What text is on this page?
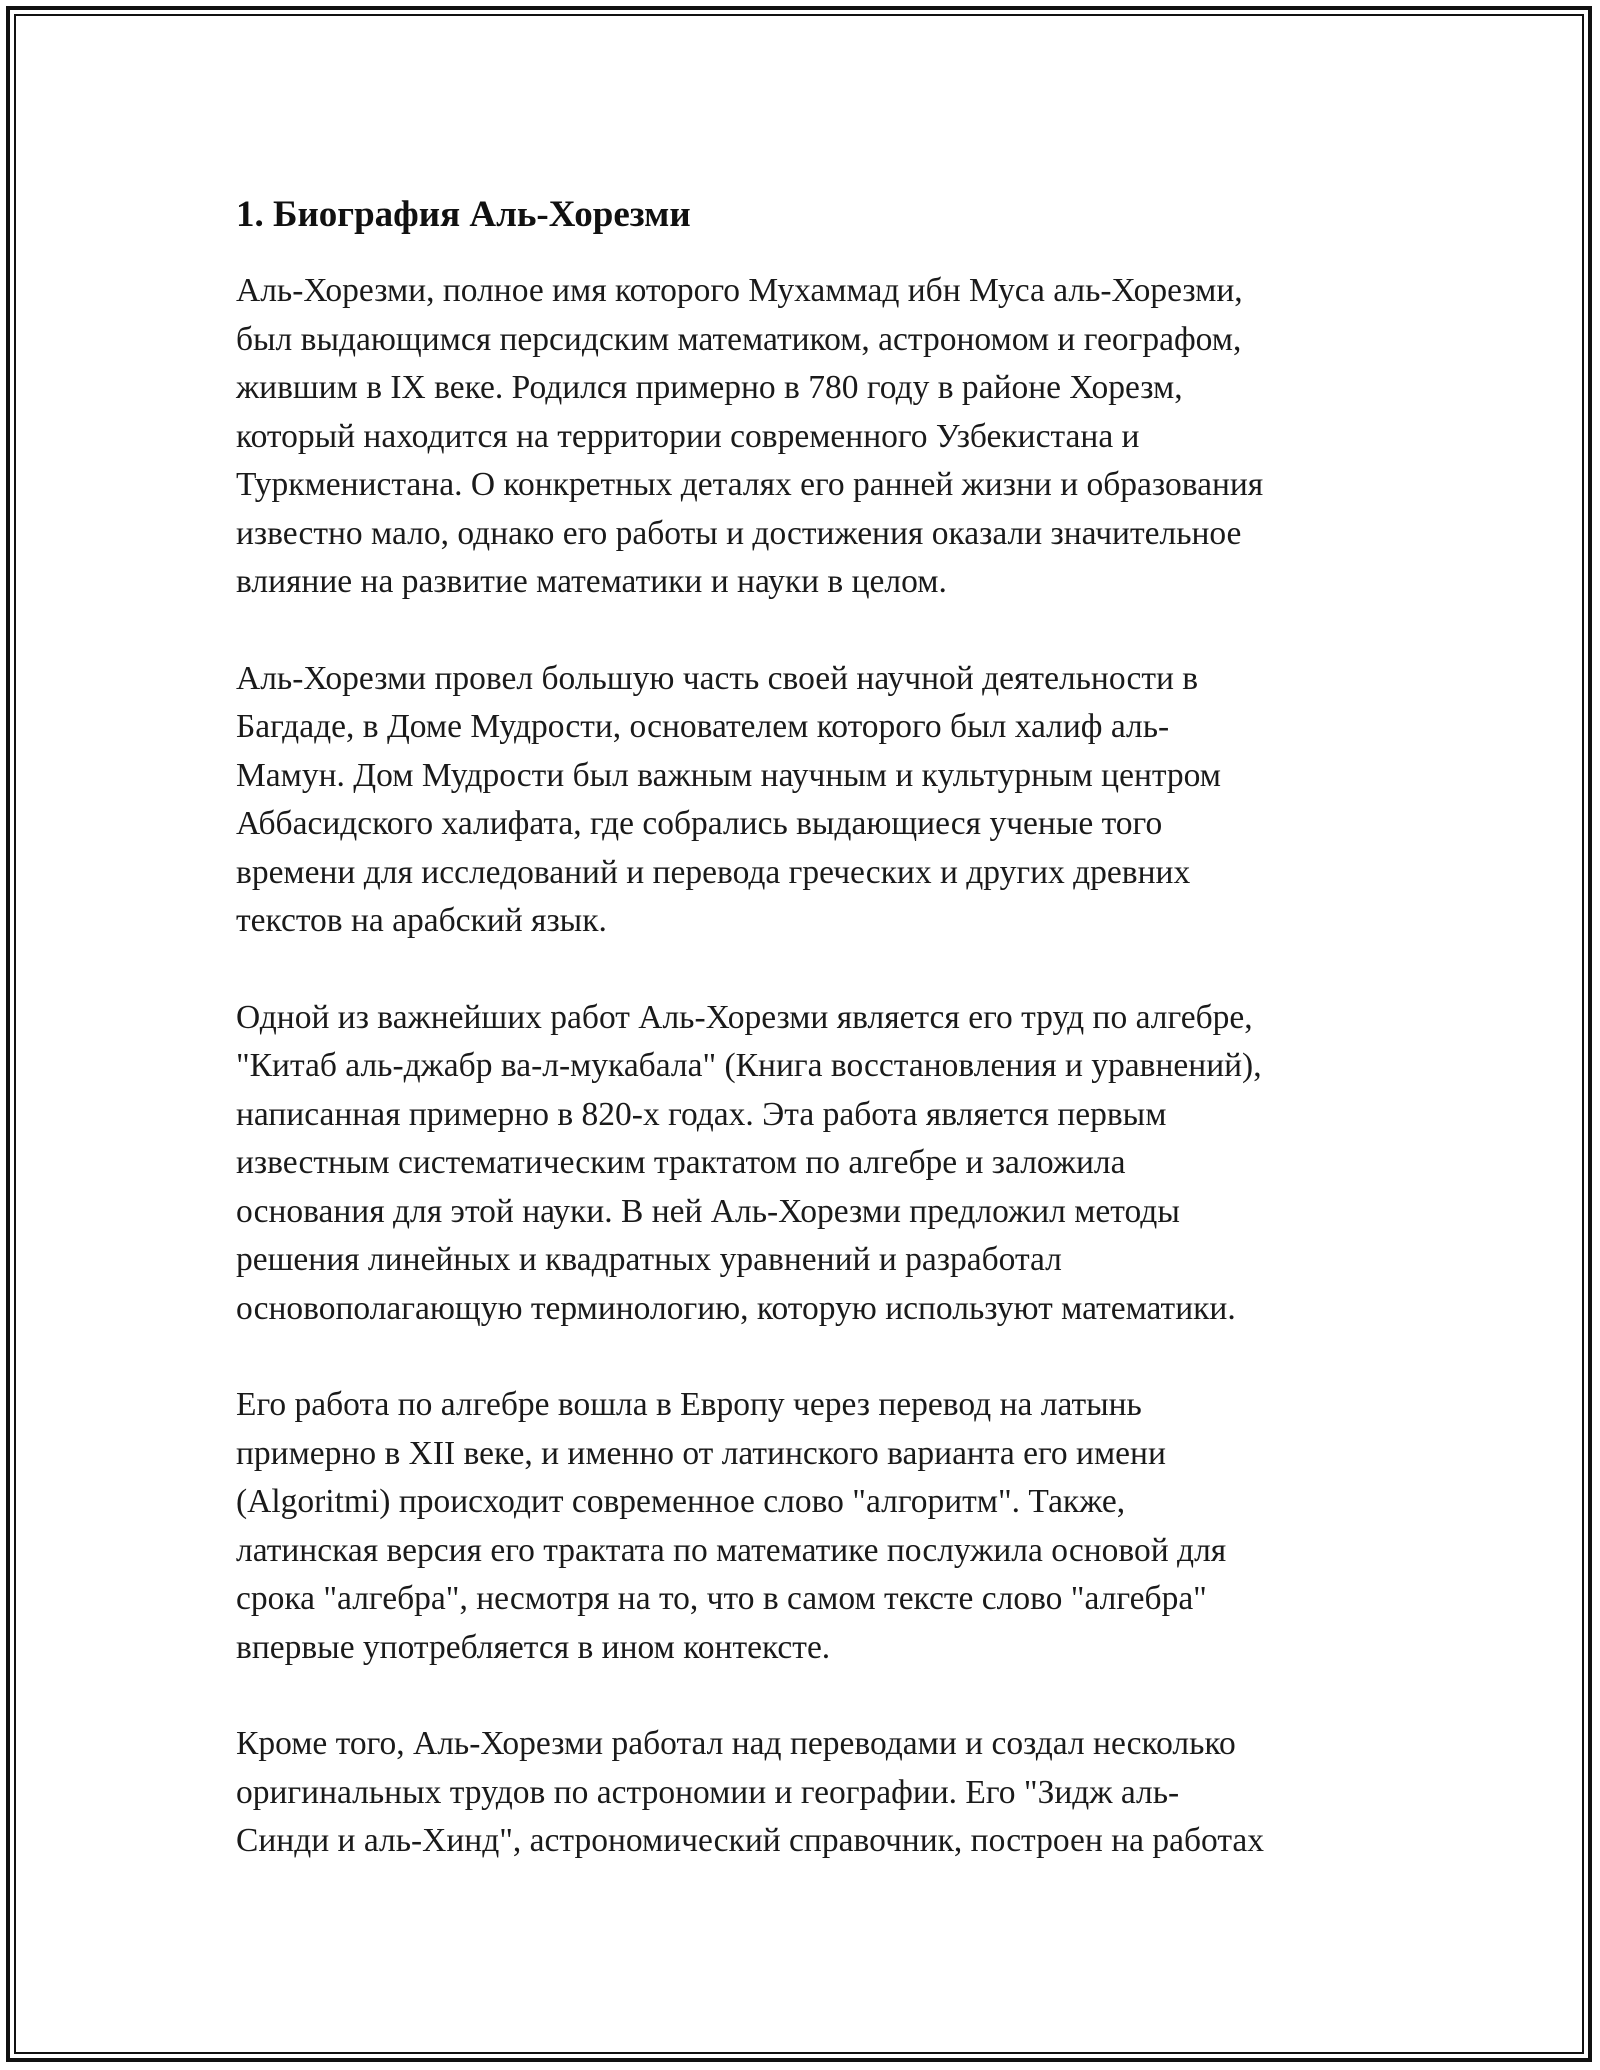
1. Биография Аль-Хорезми

Аль-Хорезми, полное имя которого Мухаммад ибн Муса аль-Хорезми,
был выдающимся персидским математиком, астрономом и географом,
жившим в IX веке. Родился примерно в 780 году в районе Хорезм,
который находится на территории современного Узбекистана и
Туркменистана. О конкретных деталях его ранней жизни и образования
известно мало, однако его работы и достижения оказали значительное
влияние на развитие математики и науки в целом.

Аль-Хорезми провел большую часть своей научной деятельности в
Багдаде, в Доме Мудрости, основателем которого был халиф аль-
Мамун. Дом Мудрости был важным научным и культурным центром
Аббасидского халифата, где собрались выдающиеся ученые того
времени для исследований и перевода греческих и других древних
текстов на арабский язык.

Одной из важнейших работ Аль-Хорезми является его труд по алгебре,
"Китаб аль-джабр ва-л-мукабала" (Книга восстановления и уравнений),
написанная примерно в 820-х годах. Эта работа является первым
известным систематическим трактатом по алгебре и заложила
основания для этой науки. В ней Аль-Хорезми предложил методы
решения линейных и квадратных уравнений и разработал
основополагающую терминологию, которую используют математики.

Его работа по алгебре вошла в Европу через перевод на латынь
примерно в XII веке, и именно от латинского варианта его имени
(Algoritmi) происходит современное слово "алгоритм". Также,
латинская версия его трактата по математике послужила основой для
срока "алгебра", несмотря на то, что в самом тексте слово "алгебра"
впервые употребляется в ином контексте.

Кроме того, Аль-Хорезми работал над переводами и создал несколько
оригинальных трудов по астрономии и географии. Его "Зидж аль-
Синди и аль-Хинд", астрономический справочник, построен на работах
